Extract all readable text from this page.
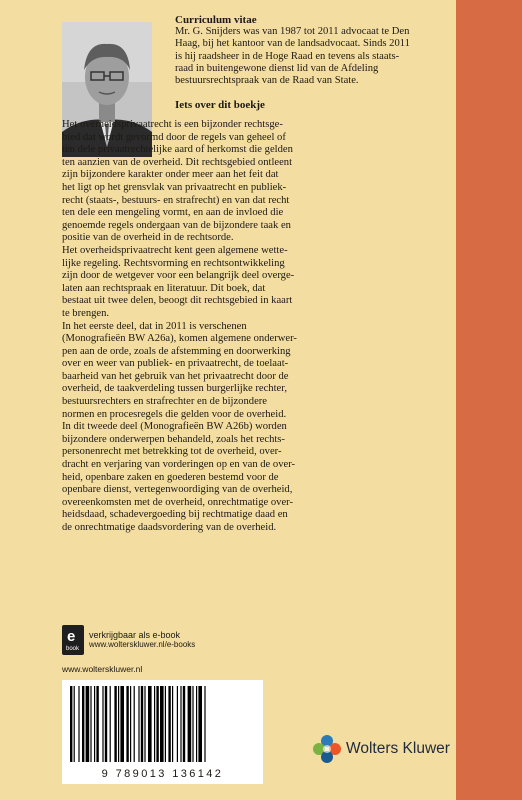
Curriculum vitae

Mr. G. Snijders was van 1987 tot 2011 advocaat te Den

Haag, bij het kantoor van de landsadvocaat. Sinds 2011

is hij raadsheer in de Hoge Raad en tevens als staats-

raad in buitengewone dienst lid van de Afdeling

bestuursrechtspraak van de Raad van State.

Iets over dit boekje

Het overheidsprivaatrecht is een bijzonder rechtsge-

bied dat wordt gevormd door de regels van geheel of

ten dele privaatrechtelijke aard of herkomst die gelden

ten aanzien van de overheid. Dit rechtsgebied ontleent

zijn bijzondere karakter onder meer aan het feit dat

het ligt op het grensvlak van privaatrecht en publiek-

recht (staats-, bestuurs- en strafrecht) en van dat recht

ten dele een mengeling vormt, en aan de invloed die

genoemde regels ondergaan van de bijzondere taak en

positie van de overheid in de rechtsorde.

Het overheidsprivaatrecht kent geen algemene wette-

lijke regeling. Rechtsvorming en rechtsontwikkeling

zijn door de wetgever voor een belangrijk deel overge-

laten aan rechtspraak en literatuur. Dit boek, dat

bestaat uit twee delen, beoogt dit rechtsgebied in kaart

te brengen.

In het eerste deel, dat in 2011 is verschenen

(Monografieën BW A26a), komen algemene onderwer-

pen aan de orde, zoals de afstemming en doorwerking

over en weer van publiek- en privaatrecht, de toelaat-

baarheid van het gebruik van het privaatrecht door de

overheid, de taakverdeling tussen burgerlijke rechter,

bestuursrechters en strafrechter en de bijzondere

normen en procesregels die gelden voor de overheid.

In dit tweede deel (Monografieën BW A26b) worden

bijzondere onderwerpen behandeld, zoals het rechts-

personenrecht met betrekking tot de overheid, over-

dracht en verjaring van vorderingen op en van de over-

heid, openbare zaken en goederen bestemd voor de

openbare dienst, vertegenwoordiging van de overheid,

overeenkomsten met de overheid, onrechtmatige over-

heidsdaad, schadevergoeding bij rechtmatige daad en

de onrechtmatige daadsvordering van de overheid.

e
book
verkrijgbaar als e-book
www.wolterskluwer.nl/e-books
www.wolterskluwer.nl
9 789013 136142
Wolters Kluwer
